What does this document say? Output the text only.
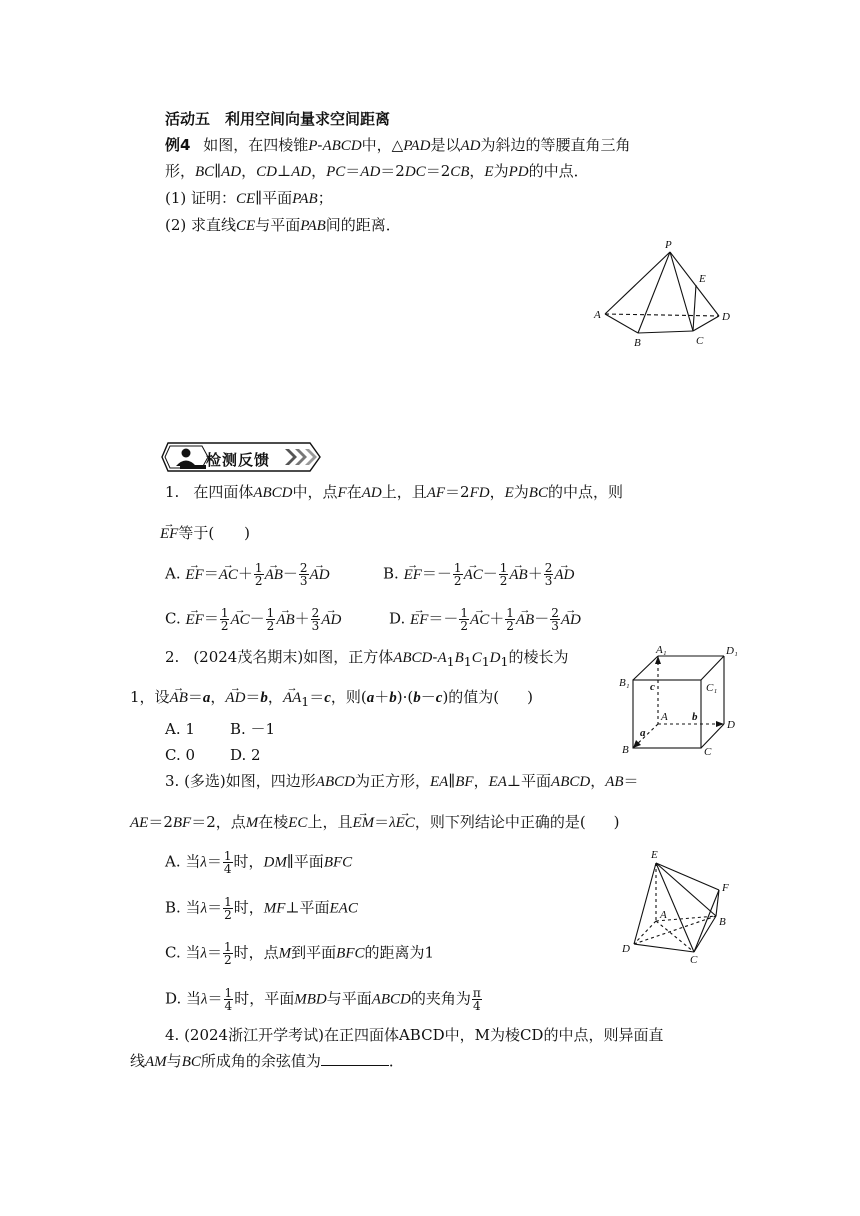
活动五　利用空间向量求空间距离
例4 如图，在四棱锥P-ABCD中，△PAD是以AD为斜边的等腰直角三角
形，BC∥AD，CD⊥AD，PC＝AD＝2DC＝2CB，E为PD的中点．
(1) 证明：CE∥平面PAB；
(2) 求直线CE与平面PAB间的距离．
P
E
A	D
B	C
检测反馈
1. 在四面体ABCD中，点F在AD上，且AF＝2FD，E为BC的中点，则
→ EF等于(　　)
A. → $EF=\to AC+ \frac{1}{2}$
→ $AB- \frac{2}{3}$
→ AD	B. → $EF=- \frac{1}{2}$
→ $AC- \frac{1}{2}$
→ $AB+ \frac{2}{3}$
→ AD
C. → $EF= \frac{1}{2}$
→ $AC- \frac{1}{2}$
→ $AB+ \frac{2}{3}$
→ AD	D. → $EF=- \frac{1}{2}$
→ $AC+ \frac{1}{2}$
→ $AB- \frac{2}{3}$
→ AD
2. (2024茂名期末)如图，正方体ABCD-$A_1B_1C_1D_1$的棱长为
1，设→ AB＝a，→ AD＝b，→ $AA_1=c$，则(a＋b)·(b－c)的值为( )
A. 1 B. －1
C. 0 D. 2
A₁	D₁
B₁	C₁
c
A b
D
a
B	C
3. (多选)如图，四边形ABCD为正方形，EA∥BF，EA⊥平面ABCD，AB＝
AE＝2BF＝2，点M在棱EC上，且→ EM＝λ→ EC，则下列结论中正确的是( )
A. 当$\lambda= \frac{1}{4}$ 时，DM∥平面BFC
B. 当$\lambda= \frac{1}{2}$ 时，MF⊥平面EAC
C. 当$\lambda= \frac{1}{2}$ 时，点M到平面BFC的距离为1
D. 当$\lambda= \frac{1}{4}$ 时，平面MBD与平面ABCD的夹角为 $\frac{\pi}{4}$
E
F
A
B
D
C
4. (2024浙江开学考试)在正四面体ABCD中，M为棱CD的中点，则异面直
线AM与BC所成角的余弦值为	．
